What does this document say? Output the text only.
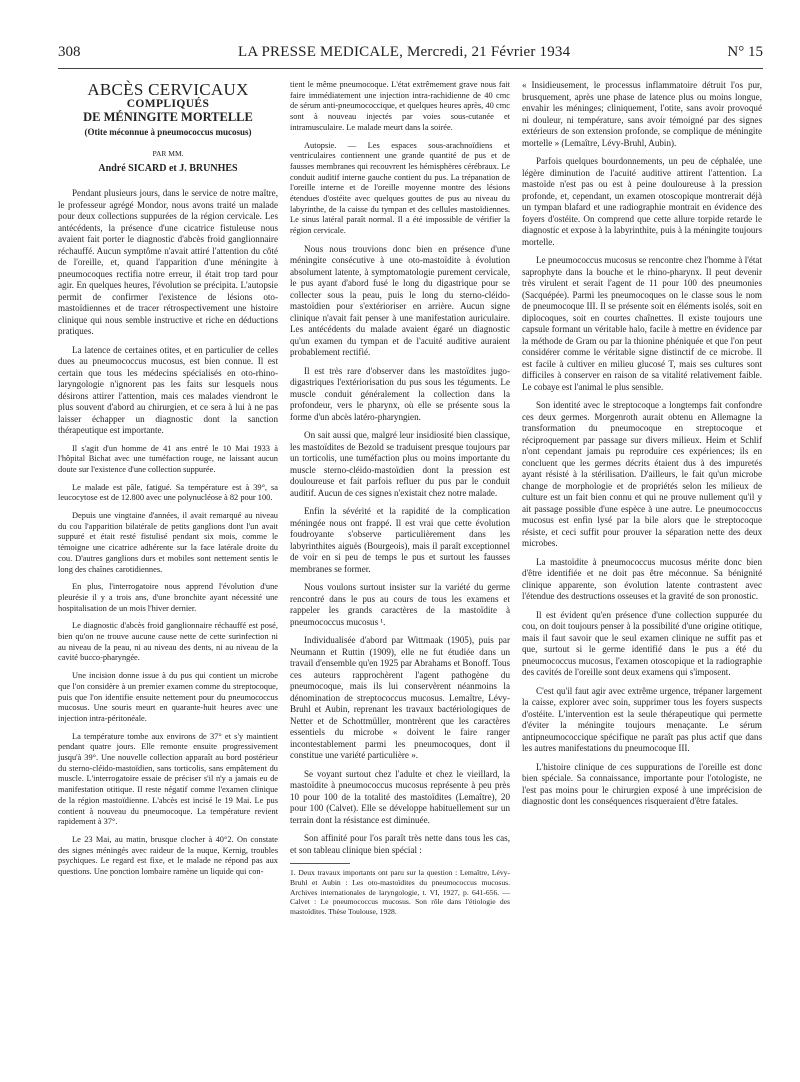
308	LA PRESSE MEDICALE, Mercredi, 21 Février 1934	N° 15
ABCÈS CERVICAUX
COMPLIQUÉS
DE MÉNINGITE MORTELLE
(Otite méconnue à pneumococcus mucosus)
PAR MM.
André SICARD et J. BRUNHES

Pendant plusieurs jours, dans le service de notre maître, le professeur agrégé Mondor, nous avons traité un malade pour deux collections suppurées de la région cervicale. Les antécédents, la présence d'une cicatrice fistuleuse nous avaient fait porter le diagnostic d'abcès froid ganglionnaire réchauffé. Aucun symptôme n'avait attiré l'attention du côté de l'oreille, et, quand l'apparition d'une méningite à pneumocoques rectifia notre erreur, il était trop tard pour agir. En quelques heures, l'évolution se précipita. L'autopsie permit de confirmer l'existence de lésions oto-mastoïdiennes et de tracer rétrospectivement une histoire clinique qui nous semble instructive et riche en déductions pratiques.

La latence de certaines otites, et en particulier de celles dues au pneumococcus mucosus, est bien connue. Il est certain que tous les médecins spécialisés en oto-rhino-laryngologie n'ignorent pas les faits sur lesquels nous désirons attirer l'attention, mais ces malades viendront le plus souvent d'abord au chirurgien, et ce sera à lui à ne pas laisser échapper un diagnostic dont la sanction thérapeutique est importante.

Il s'agit d'un homme de 41 ans entré le 10 Mai 1933 à l'hôpital Bichat avec une tuméfaction rouge, ne laissant aucun doute sur l'existence d'une collection suppurée.

Le malade est pâle, fatigué. Sa température est à 39°, sa leucocytose est de 12.800 avec une polynucléose à 82 pour 100.

Depuis une vingtaine d'années, il avait remarqué au niveau du cou l'apparition bilatérale de petits ganglions dont l'un avait suppuré et était resté fistulisé pendant six mois, comme le témoigne une cicatrice adhérente sur la face latérale droite du cou. D'autres ganglions durs et mobiles sont nettement sentis le long des chaînes carotidiennes.

En plus, l'interrogatoire nous apprend l'évolution d'une pleurésie il y a trois ans, d'une bronchite ayant nécessité une hospitalisation de un mois l'hiver dernier.

Le diagnostic d'abcès froid ganglionnaire réchauffé est posé, bien qu'on ne trouve aucune cause nette de cette surinfection ni au niveau de la peau, ni au niveau des dents, ni au niveau de la cavité bucco-pharyngée.

Une incision donne issue à du pus qui contient un microbe que l'on considère à un premier examen comme du streptocoque, puis que l'on identifie ensuite nettement pour du pneumococcus mucosus. Une souris meurt en quarante-huit heures avec une injection intra-péritonéale.

La température tombe aux environs de 37° et s'y maintient pendant quatre jours. Elle remonte ensuite progressivement jusqu'à 39°. Une nouvelle collection apparaît au bord postérieur du sterno-cléido-mastoïdien, sans torticolis, sans empâtement du muscle. L'interrogatoire essaie de préciser s'il n'y a jamais eu de manifestation otitique. Il reste négatif comme l'examen clinique de la région mastoïdienne. L'abcès est incisé le 19 Mai. Le pus contient à nouveau du pneumocoque. La température revient rapidement à 37°.

Le 23 Mai, au matin, brusque clocher à 40°2. On constate des signes méningés avec raideur de la nuque, Kernig, troubles psychiques. Le regard est fixe, et le malade ne répond pas aux questions. Une ponction lombaire ramène un liquide qui con-

tient le même pneumocoque. L'état extrêmement grave nous fait faire immédiatement une injection intra-rachidienne de 40 cmc de sérum anti-pneumococcique, et quelques heures après, 40 cmc sont à nouveau injectés par voies sous-cutanée et intramusculaire. Le malade meurt dans la soirée.

Autopsie. — Les espaces sous-arachnoïdiens et ventriculaires contiennent une grande quantité de pus et de fausses membranes qui recouvrent les hémisphères cérébraux. Le conduit auditif interne gauche contient du pus. La trépanation de l'oreille interne et de l'oreille moyenne montre des lésions étendues d'ostéite avec quelques gouttes de pus au niveau du labyrinthe, de la caisse du tympan et des cellules mastoïdiennes. Le sinus latéral paraît normal. Il a été impossible de vérifier la région cervicale.

Nous nous trouvions donc bien en présence d'une méningite consécutive à une oto-mastoïdite à évolution absolument latente, à symptomatologie purement cervicale, le pus ayant d'abord fusé le long du digastrique pour se collecter sous la peau, puis le long du sterno-cléido-mastoïdien pour s'extérioriser en arrière. Aucun signe clinique n'avait fait penser à une manifestation auriculaire. Les antécédents du malade avaient égaré un diagnostic qu'un examen du tympan et de l'acuité auditive auraient probablement rectifié.

Il est très rare d'observer dans les mastoïdites jugo-digastriques l'extériorisation du pus sous les téguments. Le muscle conduit généralement la collection dans la profondeur, vers le pharynx, où elle se présente sous la forme d'un abcès latéro-pharyngien.

On sait aussi que, malgré leur insidiosité bien classique, les mastoïdites de Bezold se traduisent presque toujours par un torticolis, une tuméfaction plus ou moins importante du muscle sterno-cléido-mastoïdien dont la pression est douloureuse et fait parfois refluer du pus par le conduit auditif. Aucun de ces signes n'existait chez notre malade.

Enfin la sévérité et la rapidité de la complication méningée nous ont frappé. Il est vrai que cette évolution foudroyante s'observe particulièrement dans les labyrinthites aiguës (Bourgeois), mais il paraît exceptionnel de voir en si peu de temps le pus et surtout les fausses membranes se former.

Nous voulons surtout insister sur la variété du germe rencontré dans le pus au cours de tous les examens et rappeler les grands caractères de la mastoïdite à pneumococcus mucosus ¹.

Individualisée d'abord par Wittmaak (1905), puis par Neumann et Ruttin (1909), elle ne fut étudiée dans un travail d'ensemble qu'en 1925 par Abrahams et Bonoff. Tous ces auteurs rapprochèrent l'agent pathogène du pneumocoque, mais ils lui conservèrent néanmoins la dénomination de streptococcus mucosus. Lemaître, Lévy-Bruhl et Aubin, reprenant les travaux bactériologiques de Netter et de Schottmüller, montrèrent que les caractères essentiels du microbe « doivent le faire ranger incontestablement parmi les pneumocoques, dont il constitue une variété particulière ».

Se voyant surtout chez l'adulte et chez le vieillard, la mastoïdite à pneumococcus mucosus représente à peu près 10 pour 100 de la totalité des mastoïdites (Lemaître), 20 pour 100 (Calvet). Elle se développe habituellement sur un terrain dont la résistance est diminuée.

Son affinité pour l'os paraît très nette dans tous les cas, et son tableau clinique bien spécial :

1. Deux travaux importants ont paru sur la question : Lemaître, Lévy-Bruhl et Aubin : Les oto-mastoïdites du pneumococcus mucosus. Archives internationales de laryngologie, t. VI, 1927, p. 641-656. — Calvet : Le pneumococcus mucosus. Son rôle dans l'étiologie des mastoïdites. Thèse Toulouse, 1928.

« Insidieusement, le processus inflammatoire détruit l'os pur, brusquement, après une phase de latence plus ou moins longue, envahir les méninges; cliniquement, l'otite, sans avoir provoqué ni douleur, ni température, sans avoir témoigné par des signes extérieurs de son extension profonde, se complique de méningite mortelle » (Lemaître, Lévy-Bruhl, Aubin).

Parfois quelques bourdonnements, un peu de céphalée, une légère diminution de l'acuité auditive attirent l'attention. La mastoïde n'est pas ou est à peine douloureuse à la pression profonde, et, cependant, un examen otoscopique montrerait déjà un tympan blafard et une radiographie montrait en évidence des foyers d'ostéite. On comprend que cette allure torpide retarde le diagnostic et expose à la labyrinthite, puis à la méningite toujours mortelle.

Le pneumococcus mucosus se rencontre chez l'homme à l'état saprophyte dans la bouche et le rhino-pharynx. Il peut devenir très virulent et serait l'agent de 11 pour 100 des pneumonies (Sacquépée). Parmi les pneumocoques on le classe sous le nom de pneumocoque III. Il se présente soit en éléments isolés, soit en diplocoques, soit en courtes chaînettes. Il existe toujours une capsule formant un véritable halo, facile à mettre en évidence par la méthode de Gram ou par la thionine phéniquée et que l'on peut considérer comme le véritable signe distinctif de ce microbe. Il est facile à cultiver en milieu glucosé T, mais ses cultures sont difficiles à conserver en raison de sa vitalité relativement faible. Le cobaye est l'animal le plus sensible.

Son identité avec le streptocoque a longtemps fait confondre ces deux germes. Morgenroth aurait obtenu en Allemagne la transformation du pneumocoque en streptocoque et réciproquement par passage sur divers milieux. Heim et Schlif n'ont cependant jamais pu reproduire ces expériences; ils en concluent que les germes décrits étaient dus à des impuretés ayant résisté à la stérilisation. D'ailleurs, le fait qu'un microbe change de morphologie et de propriétés selon les milieux de culture est un fait bien connu et qui ne prouve nullement qu'il y ait passage possible d'une espèce à une autre. Le pneumococcus mucosus est enfin lysé par la bile alors que le streptocoque résiste, et ceci suffit pour prouver la séparation nette des deux microbes.

La mastoïdite à pneumococcus mucosus mérite donc bien d'être identifiée et ne doit pas être méconnue. Sa bénignité clinique apparente, son évolution latente contrastent avec l'étendue des destructions osseuses et la gravité de son pronostic.

Il est évident qu'en présence d'une collection suppurée du cou, on doit toujours penser à la possibilité d'une origine otitique, mais il faut savoir que le seul examen clinique ne suffit pas et que, surtout si le germe identifié dans le pus a été du pneumococcus mucosus, l'examen otoscopique et la radiographie des cavités de l'oreille sont deux examens qui s'imposent.

C'est qu'il faut agir avec extrême urgence, trépaner largement la caisse, explorer avec soin, supprimer tous les foyers suspects d'ostéite. L'intervention est la seule thérapeutique qui permette d'éviter la méningite toujours menaçante. Le sérum antipneumococcique spécifique ne paraît pas plus actif que dans les autres manifestations du pneumocoque III.

L'histoire clinique de ces suppurations de l'oreille est donc bien spéciale. Sa connaissance, importante pour l'otologiste, ne l'est pas moins pour le chirurgien exposé à une imprécision de diagnostic dont les conséquences risqueraient d'être fatales.
